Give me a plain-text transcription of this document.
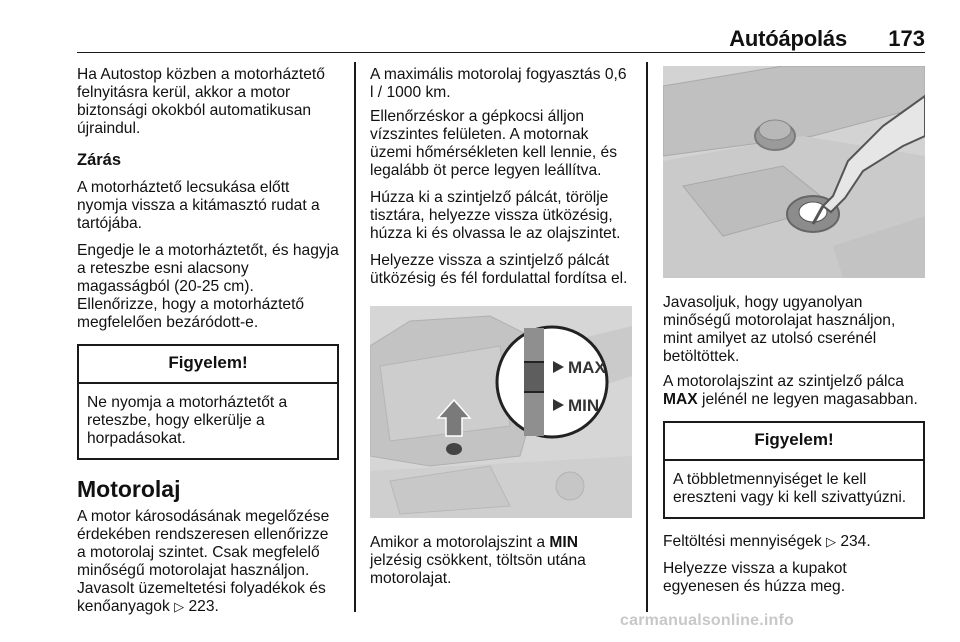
Autóápolás 173

Ha Autostop közben a motorháztető felnyitásra kerül, akkor a motor biztonsági okokból automatikusan újraindul.

Zárás

A motorháztető lecsukása előtt nyomja vissza a kitámasztó rudat a tartójába.

Engedje le a motorháztetőt, és hagyja a reteszbe esni alacsony magasságból (20-25 cm).

Ellenőrizze, hogy a motorháztető megfelelően bezáródott-e.

Figyelem!
Ne nyomja a motorháztetőt a reteszbe, hogy elkerülje a horpadásokat.
Motorolaj

A motor károsodásának megelőzése érdekében rendszeresen ellenőrizze a motorolaj szintet. Csak megfelelő minőségű motorolajat használjon. Javasolt üzemeltetési folyadékok és kenőanyagok ▷ 223.

A maximális motorolaj fogyasztás 0,6 l / 1000 km.

Ellenőrzéskor a gépkocsi álljon vízszintes felületen. A motornak üzemi hőmérsékleten kell lennie, és legalább öt perce legyen leállítva.

Húzza ki a szintjelző pálcát, törölje tisztára, helyezze vissza ütközésig, húzza ki és olvassa le az olajszintet.

Helyezze vissza a szintjelző pálcát ütközésig és fél fordulattal fordítsa el.

MAX
MIN

Amikor a motorolajszint a MIN jelzésig csökkent, töltsön utána motorolajat.

Javasoljuk, hogy ugyanolyan minőségű motorolajat használjon, mint amilyet az utolsó cserénél betöltöttek.

A motorolajszint az szintjelző pálca MAX jelénél ne legyen magasabban.

Figyelem!
A többletmennyiséget le kell ereszteni vagy ki kell szivattyúzni.

Feltöltési mennyiségek ▷ 234.

Helyezze vissza a kupakot egyenesen és húzza meg.

carmanualsonline.info
